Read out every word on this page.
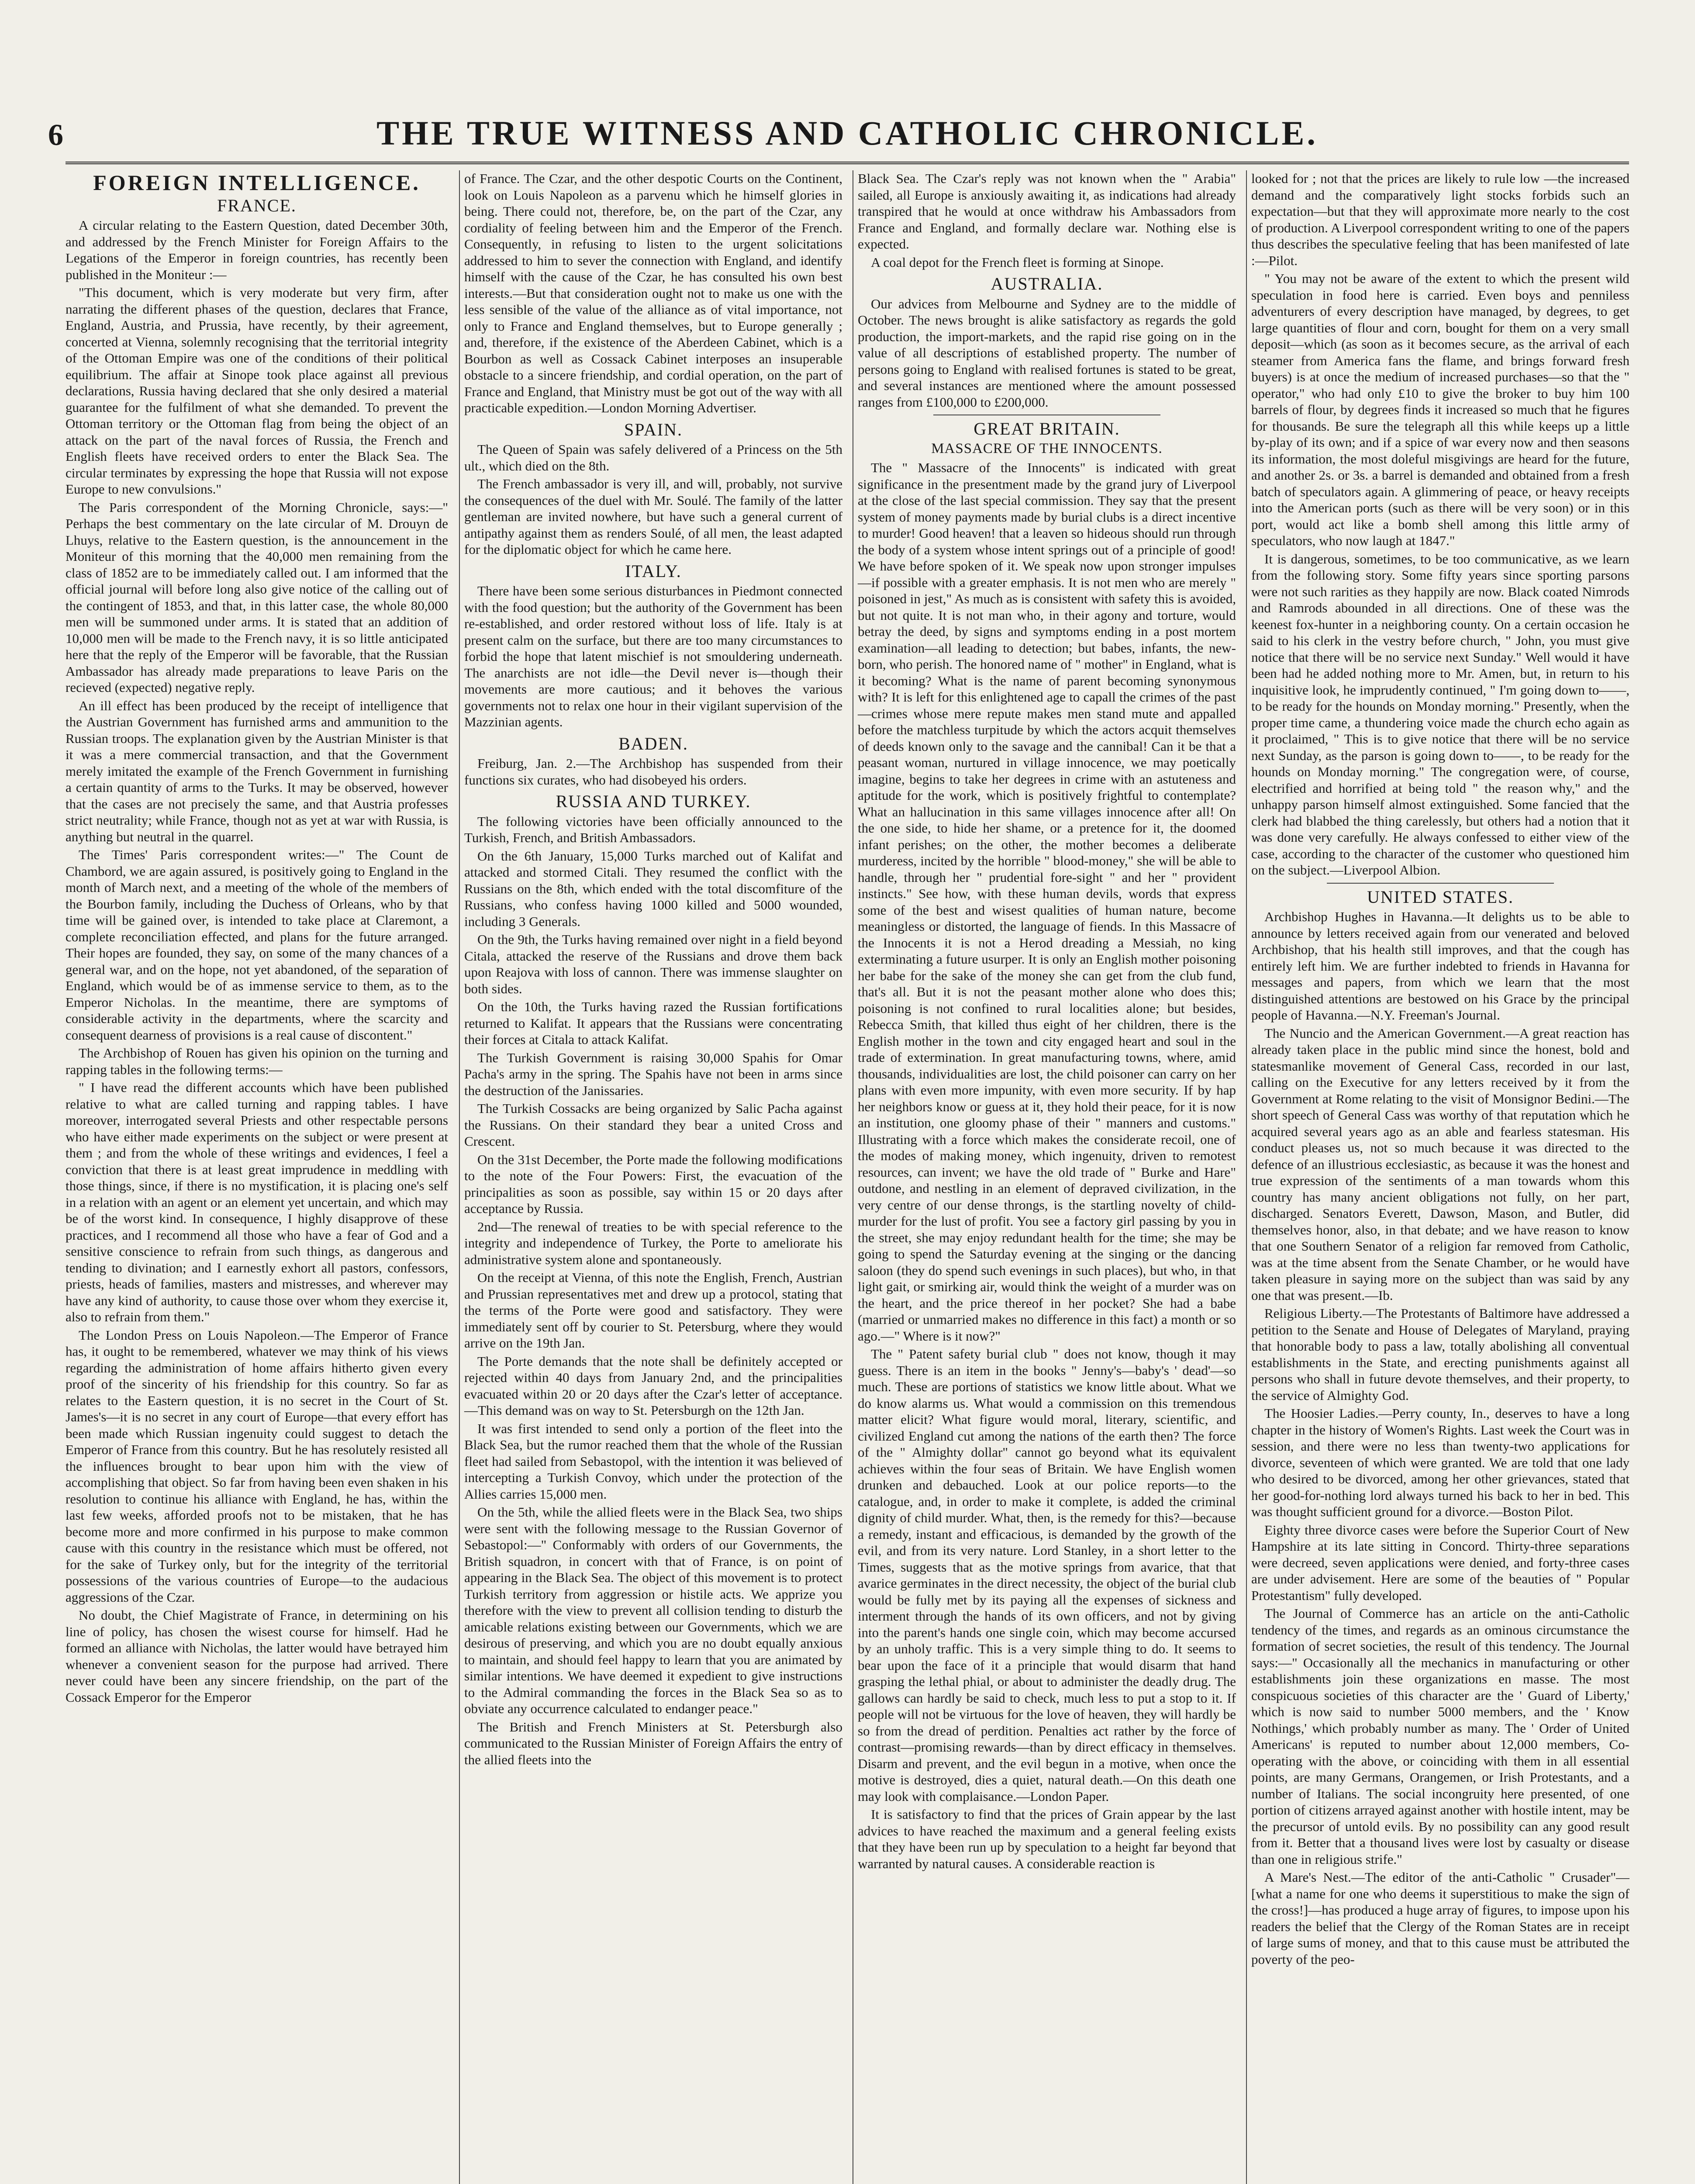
6	THE TRUE WITNESS AND CATHOLIC CHRONICLE.
FOREIGN INTELLIGENCE.
FRANCE.

A circular relating to the Eastern Question, dated December 30th, and addressed by the French Minister for Foreign Affairs to the Legations of the Emperor in foreign countries, has recently been published in the Moniteur :—

"This document, which is very moderate but very firm, after narrating the different phases of the question, declares that France, England, Austria, and Prussia, have recently, by their agreement, concerted at Vienna, solemnly recognising that the territorial integrity of the Ottoman Empire was one of the conditions of their political equilibrium. The affair at Sinope took place against all previous declarations, Russia having declared that she only desired a material guarantee for the fulfilment of what she demanded. To prevent the Ottoman territory or the Ottoman flag from being the object of an attack on the part of the naval forces of Russia, the French and English fleets have received orders to enter the Black Sea. The circular terminates by expressing the hope that Russia will not expose Europe to new convulsions."

The Paris correspondent of the Morning Chronicle, says:—" Perhaps the best commentary on the late circular of M. Drouyn de Lhuys, relative to the Eastern question, is the announcement in the Moniteur of this morning that the 40,000 men remaining from the class of 1852 are to be immediately called out. I am informed that the official journal will before long also give notice of the calling out of the contingent of 1853, and that, in this latter case, the whole 80,000 men will be summoned under arms. It is stated that an addition of 10,000 men will be made to the French navy, it is so little anticipated here that the reply of the Emperor will be favorable, that the Russian Ambassador has already made preparations to leave Paris on the recieved (expected) negative reply.

An ill effect has been produced by the receipt of intelligence that the Austrian Government has furnished arms and ammunition to the Russian troops. The explanation given by the Austrian Minister is that it was a mere commercial transaction, and that the Government merely imitated the example of the French Government in furnishing a certain quantity of arms to the Turks. It may be observed, however that the cases are not precisely the same, and that Austria professes strict neutrality; while France, though not as yet at war with Russia, is anything but neutral in the quarrel.

The Times' Paris correspondent writes:—" The Count de Chambord, we are again assured, is positively going to England in the month of March next, and a meeting of the whole of the members of the Bourbon family, including the Duchess of Orleans, who by that time will be gained over, is intended to take place at Claremont, a complete reconciliation effected, and plans for the future arranged. Their hopes are founded, they say, on some of the many chances of a general war, and on the hope, not yet abandoned, of the separation of England, which would be of as immense service to them, as to the Emperor Nicholas. In the meantime, there are symptoms of considerable activity in the departments, where the scarcity and consequent dearness of provisions is a real cause of discontent."

The Archbishop of Rouen has given his opinion on the turning and rapping tables in the following terms:—

" I have read the different accounts which have been published relative to what are called turning and rapping tables. I have moreover, interrogated several Priests and other respectable persons who have either made experiments on the subject or were present at them ; and from the whole of these writings and evidences, I feel a conviction that there is at least great imprudence in meddling with those things, since, if there is no mystification, it is placing one's self in a relation with an agent or an element yet uncertain, and which may be of the worst kind. In consequence, I highly disapprove of these practices, and I recommend all those who have a fear of God and a sensitive conscience to refrain from such things, as dangerous and tending to divination; and I earnestly exhort all pastors, confessors, priests, heads of families, masters and mistresses, and wherever may have any kind of authority, to cause those over whom they exercise it, also to refrain from them."

The London Press on Louis Napoleon.—The Emperor of France has, it ought to be remembered, whatever we may think of his views regarding the administration of home affairs hitherto given every proof of the sincerity of his friendship for this country. So far as relates to the Eastern question, it is no secret in the Court of St. James's—it is no secret in any court of Europe—that every effort has been made which Russian ingenuity could suggest to detach the Emperor of France from this country. But he has resolutely resisted all the influences brought to bear upon him with the view of accomplishing that object. So far from having been even shaken in his resolution to continue his alliance with England, he has, within the last few weeks, afforded proofs not to be mistaken, that he has become more and more confirmed in his purpose to make common cause with this country in the resistance which must be offered, not for the sake of Turkey only, but for the integrity of the territorial possessions of the various countries of Europe—to the audacious aggressions of the Czar.

No doubt, the Chief Magistrate of France, in determining on his line of policy, has chosen the wisest course for himself. Had he formed an alliance with Nicholas, the latter would have betrayed him whenever a convenient season for the purpose had arrived. There never could have been any sincere friendship, on the part of the Cossack Emperor for the Emperor

of France. The Czar, and the other despotic Courts on the Continent, look on Louis Napoleon as a parvenu which he himself glories in being. There could not, therefore, be, on the part of the Czar, any cordiality of feeling between him and the Emperor of the French. Consequently, in refusing to listen to the urgent solicitations addressed to him to sever the connection with England, and identify himself with the cause of the Czar, he has consulted his own best interests.—But that consideration ought not to make us one with the less sensible of the value of the alliance as of vital importance, not only to France and England themselves, but to Europe generally ; and, therefore, if the existence of the Aberdeen Cabinet, which is a Bourbon as well as Cossack Cabinet interposes an insuperable obstacle to a sincere friendship, and cordial operation, on the part of France and England, that Ministry must be got out of the way with all practicable expedition.—London Morning Advertiser.

SPAIN.

The Queen of Spain was safely delivered of a Princess on the 5th ult., which died on the 8th.

The French ambassador is very ill, and will, probably, not survive the consequences of the duel with Mr. Soulé. The family of the latter gentleman are invited nowhere, but have such a general current of antipathy against them as renders Soulé, of all men, the least adapted for the diplomatic object for which he came here.

ITALY.

There have been some serious disturbances in Piedmont connected with the food question; but the authority of the Government has been re-established, and order restored without loss of life. Italy is at present calm on the surface, but there are too many circumstances to forbid the hope that latent mischief is not smouldering underneath. The anarchists are not idle—the Devil never is—though their movements are more cautious; and it behoves the various governments not to relax one hour in their vigilant supervision of the Mazzinian agents.

BADEN.

Freiburg, Jan. 2.—The Archbishop has suspended from their functions six curates, who had disobeyed his orders.

RUSSIA AND TURKEY.

The following victories have been officially announced to the Turkish, French, and British Ambassadors.

On the 6th January, 15,000 Turks marched out of Kalifat and attacked and stormed Citali. They resumed the conflict with the Russians on the 8th, which ended with the total discomfiture of the Russians, who confess having 1000 killed and 5000 wounded, including 3 Generals.

On the 9th, the Turks having remained over night in a field beyond Citala, attacked the reserve of the Russians and drove them back upon Reajova with loss of cannon. There was immense slaughter on both sides.

On the 10th, the Turks having razed the Russian fortifications returned to Kalifat. It appears that the Russians were concentrating their forces at Citala to attack Kalifat.

The Turkish Government is raising 30,000 Spahis for Omar Pacha's army in the spring. The Spahis have not been in arms since the destruction of the Janissaries.

The Turkish Cossacks are being organized by Salic Pacha against the Russians. On their standard they bear a united Cross and Crescent.

On the 31st December, the Porte made the following modifications to the note of the Four Powers: First, the evacuation of the principalities as soon as possible, say within 15 or 20 days after acceptance by Russia.

2nd—The renewal of treaties to be with special reference to the integrity and independence of Turkey, the Porte to ameliorate his administrative system alone and spontaneously.

On the receipt at Vienna, of this note the English, French, Austrian and Prussian representatives met and drew up a protocol, stating that the terms of the Porte were good and satisfactory. They were immediately sent off by courier to St. Petersburg, where they would arrive on the 19th Jan.

The Porte demands that the note shall be definitely accepted or rejected within 40 days from January 2nd, and the principalities evacuated within 20 or 20 days after the Czar's letter of acceptance.—This demand was on way to St. Petersburgh on the 12th Jan.

It was first intended to send only a portion of the fleet into the Black Sea, but the rumor reached them that the whole of the Russian fleet had sailed from Sebastopol, with the intention it was believed of intercepting a Turkish Convoy, which under the protection of the Allies carries 15,000 men.

On the 5th, while the allied fleets were in the Black Sea, two ships were sent with the following message to the Russian Governor of Sebastopol:—" Conformably with orders of our Governments, the British squadron, in concert with that of France, is on point of appearing in the Black Sea. The object of this movement is to protect Turkish territory from aggression or histile acts. We apprize you therefore with the view to prevent all collision tending to disturb the amicable relations existing between our Governments, which we are desirous of preserving, and which you are no doubt equally anxious to maintain, and should feel happy to learn that you are animated by similar intentions. We have deemed it expedient to give instructions to the Admiral commanding the forces in the Black Sea so as to obviate any occurrence calculated to endanger peace."

The British and French Ministers at St. Petersburgh also communicated to the Russian Minister of Foreign Affairs the entry of the allied fleets into the

Black Sea. The Czar's reply was not known when the " Arabia" sailed, all Europe is anxiously awaiting it, as indications had already transpired that he would at once withdraw his Ambassadors from France and England, and formally declare war. Nothing else is expected.

A coal depot for the French fleet is forming at Sinope.

AUSTRALIA.

Our advices from Melbourne and Sydney are to the middle of October. The news brought is alike satisfactory as regards the gold production, the import-markets, and the rapid rise going on in the value of all descriptions of established property. The number of persons going to England with realised fortunes is stated to be great, and several instances are mentioned where the amount possessed ranges from £100,000 to £200,000.

GREAT BRITAIN.
MASSACRE OF THE INNOCENTS.

The " Massacre of the Innocents" is indicated with great significance in the presentment made by the grand jury of Liverpool at the close of the last special commission. They say that the present system of money payments made by burial clubs is a direct incentive to murder! Good heaven! that a leaven so hideous should run through the body of a system whose intent springs out of a principle of good! We have before spoken of it. We speak now upon stronger impulses—if possible with a greater emphasis. It is not men who are merely " poisoned in jest," As much as is consistent with safety this is avoided, but not quite. It is not man who, in their agony and torture, would betray the deed, by signs and symptoms ending in a post mortem examination—all leading to detection; but babes, infants, the new-born, who perish. The honored name of " mother" in England, what is it becoming? What is the name of parent becoming synonymous with? It is left for this enlightened age to capall the crimes of the past—crimes whose mere repute makes men stand mute and appalled before the matchless turpitude by which the actors acquit themselves of deeds known only to the savage and the cannibal! Can it be that a peasant woman, nurtured in village innocence, we may poetically imagine, begins to take her degrees in crime with an astuteness and aptitude for the work, which is positively frightful to contemplate? What an hallucination in this same villages innocence after all! On the one side, to hide her shame, or a pretence for it, the doomed infant perishes; on the other, the mother becomes a deliberate murderess, incited by the horrible " blood-money," she will be able to handle, through her " prudential fore-sight " and her " provident instincts." See how, with these human devils, words that express some of the best and wisest qualities of human nature, become meaningless or distorted, the language of fiends. In this Massacre of the Innocents it is not a Herod dreading a Messiah, no king exterminating a future usurper. It is only an English mother poisoning her babe for the sake of the money she can get from the club fund, that's all. But it is not the peasant mother alone who does this; poisoning is not confined to rural localities alone; but besides, Rebecca Smith, that killed thus eight of her children, there is the English mother in the town and city engaged heart and soul in the trade of extermination. In great manufacturing towns, where, amid thousands, individualities are lost, the child poisoner can carry on her plans with even more impunity, with even more security. If by hap her neighbors know or guess at it, they hold their peace, for it is now an institution, one gloomy phase of their " manners and customs." Illustrating with a force which makes the considerate recoil, one of the modes of making money, which ingenuity, driven to remotest resources, can invent; we have the old trade of " Burke and Hare" outdone, and nestling in an element of depraved civilization, in the very centre of our dense throngs, is the startling novelty of child-murder for the lust of profit. You see a factory girl passing by you in the street, she may enjoy redundant health for the time; she may be going to spend the Saturday evening at the singing or the dancing saloon (they do spend such evenings in such places), but who, in that light gait, or smirking air, would think the weight of a murder was on the heart, and the price thereof in her pocket? She had a babe (married or unmarried makes no difference in this fact) a month or so ago.—" Where is it now?"

The " Patent safety burial club " does not know, though it may guess. There is an item in the books " Jenny's—baby's ' dead'—so much. These are portions of statistics we know little about. What we do know alarms us. What would a commission on this tremendous matter elicit? What figure would moral, literary, scientific, and civilized England cut among the nations of the earth then? The force of the " Almighty dollar" cannot go beyond what its equivalent achieves within the four seas of Britain. We have English women drunken and debauched. Look at our police reports—to the catalogue, and, in order to make it complete, is added the criminal dignity of child murder. What, then, is the remedy for this?—because a remedy, instant and efficacious, is demanded by the growth of the evil, and from its very nature. Lord Stanley, in a short letter to the Times, suggests that as the motive springs from avarice, that that avarice germinates in the direct necessity, the object of the burial club would be fully met by its paying all the expenses of sickness and interment through the hands of its own officers, and not by giving into the parent's hands one single coin, which may become accursed by an unholy traffic. This is a very simple thing to do. It seems to bear upon the face of it a principle that would disarm that hand grasping the lethal phial, or about to administer the deadly drug. The gallows can hardly be said to check, much less to put a stop to it. If people will not be virtuous for the love of heaven, they will hardly be so from the dread of perdition. Penalties act rather by the force of contrast—promising rewards—than by direct efficacy in themselves. Disarm and prevent, and the evil begun in a motive, when once the motive is destroyed, dies a quiet, natural death.—On this death one may look with complaisance.—London Paper.

It is satisfactory to find that the prices of Grain appear by the last advices to have reached the maximum and a general feeling exists that they have been run up by speculation to a height far beyond that warranted by natural causes. A considerable reaction is

looked for ; not that the prices are likely to rule low —the increased demand and the comparatively light stocks forbids such an expectation—but that they will approximate more nearly to the cost of production. A Liverpool correspondent writing to one of the papers thus describes the speculative feeling that has been manifested of late :—Pilot.

" You may not be aware of the extent to which the present wild speculation in food here is carried. Even boys and penniless adventurers of every description have managed, by degrees, to get large quantities of flour and corn, bought for them on a very small deposit—which (as soon as it becomes secure, as the arrival of each steamer from America fans the flame, and brings forward fresh buyers) is at once the medium of increased purchases—so that the " operator," who had only £10 to give the broker to buy him 100 barrels of flour, by degrees finds it increased so much that he figures for thousands. Be sure the telegraph all this while keeps up a little by-play of its own; and if a spice of war every now and then seasons its information, the most doleful misgivings are heard for the future, and another 2s. or 3s. a barrel is demanded and obtained from a fresh batch of speculators again. A glimmering of peace, or heavy receipts into the American ports (such as there will be very soon) or in this port, would act like a bomb shell among this little army of speculators, who now laugh at 1847."

It is dangerous, sometimes, to be too communicative, as we learn from the following story. Some fifty years since sporting parsons were not such rarities as they happily are now. Black coated Nimrods and Ramrods abounded in all directions. One of these was the keenest fox-hunter in a neighboring county. On a certain occasion he said to his clerk in the vestry before church, " John, you must give notice that there will be no service next Sunday." Well would it have been had he added nothing more to Mr. Amen, but, in return to his inquisitive look, he imprudently continued, " I'm going down to——, to be ready for the hounds on Monday morning." Presently, when the proper time came, a thundering voice made the church echo again as it proclaimed, " This is to give notice that there will be no service next Sunday, as the parson is going down to——, to be ready for the hounds on Monday morning." The congregation were, of course, electrified and horrified at being told " the reason why," and the unhappy parson himself almost extinguished. Some fancied that the clerk had blabbed the thing carelessly, but others had a notion that it was done very carefully. He always confessed to either view of the case, according to the character of the customer who questioned him on the subject.—Liverpool Albion.

UNITED STATES.

Archbishop Hughes in Havanna.—It delights us to be able to announce by letters received again from our venerated and beloved Archbishop, that his health still improves, and that the cough has entirely left him. We are further indebted to friends in Havanna for messages and papers, from which we learn that the most distinguished attentions are bestowed on his Grace by the principal people of Havanna.—N.Y. Freeman's Journal.

The Nuncio and the American Government.—A great reaction has already taken place in the public mind since the honest, bold and statesmanlike movement of General Cass, recorded in our last, calling on the Executive for any letters received by it from the Government at Rome relating to the visit of Monsignor Bedini.—The short speech of General Cass was worthy of that reputation which he acquired several years ago as an able and fearless statesman. His conduct pleases us, not so much because it was directed to the defence of an illustrious ecclesiastic, as because it was the honest and true expression of the sentiments of a man towards whom this country has many ancient obligations not fully, on her part, discharged. Senators Everett, Dawson, Mason, and Butler, did themselves honor, also, in that debate; and we have reason to know that one Southern Senator of a religion far removed from Catholic, was at the time absent from the Senate Chamber, or he would have taken pleasure in saying more on the subject than was said by any one that was present.—Ib.

Religious Liberty.—The Protestants of Baltimore have addressed a petition to the Senate and House of Delegates of Maryland, praying that honorable body to pass a law, totally abolishing all conventual establishments in the State, and erecting punishments against all persons who shall in future devote themselves, and their property, to the service of Almighty God.

The Hoosier Ladies.—Perry county, In., deserves to have a long chapter in the history of Women's Rights. Last week the Court was in session, and there were no less than twenty-two applications for divorce, seventeen of which were granted. We are told that one lady who desired to be divorced, among her other grievances, stated that her good-for-nothing lord always turned his back to her in bed. This was thought sufficient ground for a divorce.—Boston Pilot.

Eighty three divorce cases were before the Superior Court of New Hampshire at its late sitting in Concord. Thirty-three separations were decreed, seven applications were denied, and forty-three cases are under advisement. Here are some of the beauties of " Popular Protestantism" fully developed.

The Journal of Commerce has an article on the anti-Catholic tendency of the times, and regards as an ominous circumstance the formation of secret societies, the result of this tendency. The Journal says:—" Occasionally all the mechanics in manufacturing or other establishments join these organizations en masse. The most conspicuous societies of this character are the ' Guard of Liberty,' which is now said to number 5000 members, and the ' Know Nothings,' which probably number as many. The ' Order of United Americans' is reputed to number about 12,000 members, Co-operating with the above, or coinciding with them in all essential points, are many Germans, Orangemen, or Irish Protestants, and a number of Italians. The social incongruity here presented, of one portion of citizens arrayed against another with hostile intent, may be the precursor of untold evils. By no possibility can any good result from it. Better that a thousand lives were lost by casualty or disease than one in religious strife."

A Mare's Nest.—The editor of the anti-Catholic " Crusader"—[what a name for one who deems it superstitious to make the sign of the cross!]—has produced a huge array of figures, to impose upon his readers the belief that the Clergy of the Roman States are in receipt of large sums of money, and that to this cause must be attributed the poverty of the peo-
